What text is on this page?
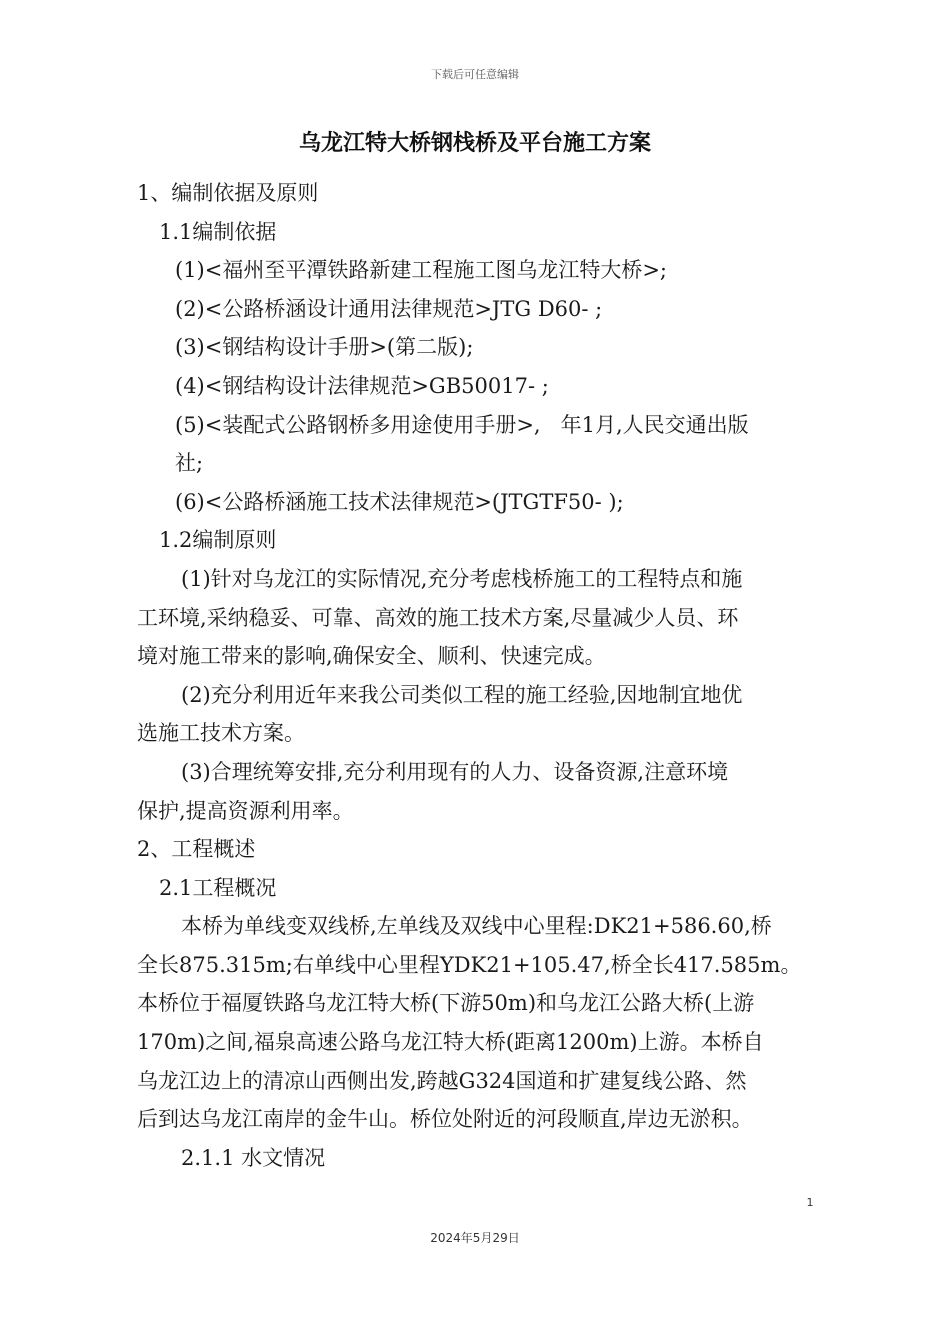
下载后可任意编辑
乌龙江特大桥钢栈桥及平台施工方案
1、编制依据及原则
1.1编制依据
(1)<福州至平潭铁路新建工程施工图乌龙江特大桥>;
(2)<公路桥涵设计通用法律规范>JTG D60- ;
(3)<钢结构设计手册>(第二版);
(4)<钢结构设计法律规范>GB50017- ;
(5)<装配式公路钢桥多用途使用手册>,   年1月,人民交通出版
社;
(6)<公路桥涵施工技术法律规范>(JTGTF50- );
1.2编制原则
(1)针对乌龙江的实际情况,充分考虑栈桥施工的工程特点和施
工环境,采纳稳妥、可靠、高效的施工技术方案,尽量减少人员、环
境对施工带来的影响,确保安全、顺利、快速完成。
(2)充分利用近年来我公司类似工程的施工经验,因地制宜地优
选施工技术方案。
(3)合理统筹安排,充分利用现有的人力、设备资源,注意环境
保护,提高资源利用率。
2、工程概述
2.1工程概况
本桥为单线变双线桥,左单线及双线中心里程:DK21+586.60,桥
全长875.315m;右单线中心里程YDK21+105.47,桥全长417.585m。
本桥位于福厦铁路乌龙江特大桥(下游50m)和乌龙江公路大桥(上游
170m)之间,福泉高速公路乌龙江特大桥(距离1200m)上游。本桥自
乌龙江边上的清凉山西侧出发,跨越G324国道和扩建复线公路、然
后到达乌龙江南岸的金牛山。桥位处附近的河段顺直,岸边无淤积。
2.1.1 水文情况
1
2024年5月29日
